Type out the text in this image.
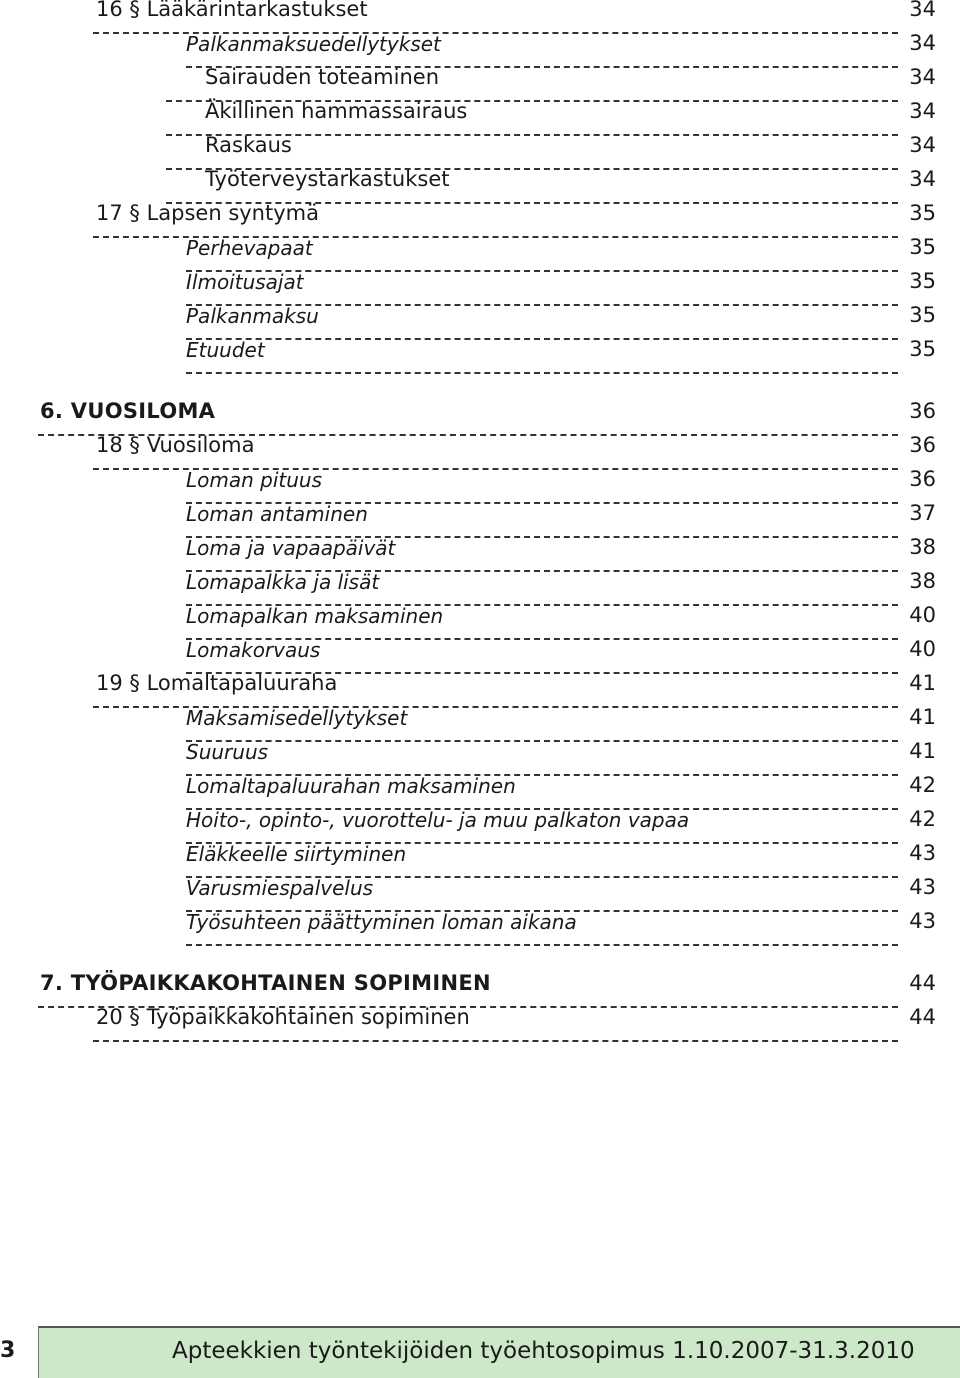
16 § Lääkärintarkastukset	34
Palkanmaksuedellytykset	34
Sairauden toteaminen	34
Äkillinen hammassairaus	34
Raskaus	34
Työterveystarkastukset	34
17 § Lapsen syntymä	35
Perhevapaat	35
Ilmoitusajat	35
Palkanmaksu	35
Etuudet	35
6. VUOSILOMA	36
18 § Vuosiloma	36
Loman pituus	36
Loman antaminen	37
Loma ja vapaapäivät	38
Lomapalkka ja lisät	38
Lomapalkan maksaminen	40
Lomakorvaus	40
19 § Lomaltapaluuraha	41
Maksamisedellytykset	41
Suuruus	41
Lomaltapaluurahan maksaminen	42
Hoito-, opinto-, vuorottelu- ja muu palkaton vapaa	42
Eläkkeelle siirtyminen	43
Varusmiespalvelus	43
Työsuhteen päättyminen loman aikana	43
7. TYÖPAIKKAKOHTAINEN SOPIMINEN	44
20 § Työpaikkakohtainen sopiminen	44
3	Apteekkien työntekijöiden työehtosopimus 1.10.2007-31.3.2010
